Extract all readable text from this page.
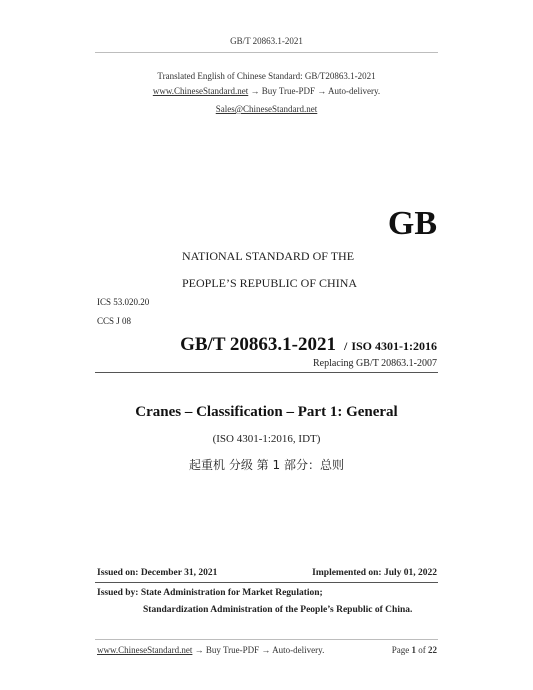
GB/T 20863.1-2021
Translated English of Chinese Standard: GB/T20863.1-2021
www.ChineseStandard.net → Buy True-PDF → Auto-delivery.
Sales@ChineseStandard.net
GB
NATIONAL STANDARD OF THE
PEOPLE’S REPUBLIC OF CHINA
ICS 53.020.20
CCS J 08
GB/T 20863.1-2021 / ISO 4301-1:2016
Replacing GB/T 20863.1-2007
Cranes – Classification – Part 1: General
(ISO 4301-1:2016, IDT)
起重机 分级 第 1 部分：总则
Issued on: December 31, 2021	Implemented on: July 01, 2022
Issued by: State Administration for Market Regulation;
Standardization Administration of the People’s Republic of China.
www.ChineseStandard.net → Buy True-PDF → Auto-delivery.	Page 1 of 22
